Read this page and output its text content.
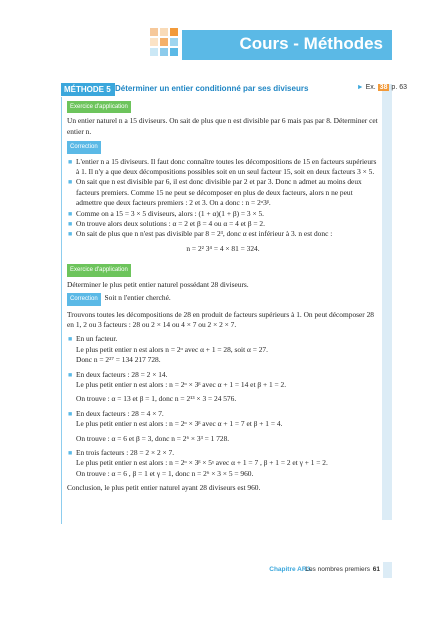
Cours - Méthodes
MÉTHODE 5 Déterminer un entier conditionné par ses diviseurs	► Ex. 38 p. 63
Exercice d'application

Un entier naturel n a 15 diviseurs. On sait de plus que n est divisible par 6 mais pas par 8. Déterminer cet entier n.

Correction
■ L'entier n a 15 diviseurs. Il faut donc connaître toutes les décompositions de 15 en facteurs supérieurs à 1. Il n'y a que deux décompositions possibles soit en un seul facteur 15, soit en deux facteurs 3 × 5.
■ On sait que n est divisible par 6, il est donc divisible par 2 et par 3. Donc n admet au moins deux facteurs premiers. Comme 15 ne peut se décomposer en plus de deux facteurs, alors n ne peut admettre que deux facteurs premiers : 2 et 3. On a donc : n = 2ᵅ3ᵝ.
■ Comme on a 15 = 3 × 5 diviseurs, alors : (1 + α)(1 + β) = 3 × 5.
■ On trouve alors deux solutions : α = 2 et β = 4 ou α = 4 et β = 2.
■ On sait de plus que n n'est pas divisible par 8 = 2³, donc α est inférieur à 3. n est donc :

n = 2² 3⁴ = 4 × 81 = 324.

Exercice d'application

Déterminer le plus petit entier naturel possédant 28 diviseurs.

Correction Soit n l'entier cherché.

Trouvons toutes les décompositions de 28 en produit de facteurs supérieurs à 1. On peut décomposer 28 en 1, 2 ou 3 facteurs : 28 ou 2 × 14 ou 4 × 7 ou 2 × 2 × 7.

■ En un facteur.

Le plus petit entier n est alors n = 2ᵅ avec α + 1 = 28, soit α = 27.

Donc n = 2²⁷ = 134 217 728.

■ En deux facteurs : 28 = 2 × 14.

Le plus petit entier n est alors : n = 2ᵅ × 3ᵝ avec α + 1 = 14 et β + 1 = 2.

On trouve : α = 13 et β = 1, donc n = 2¹³ × 3 = 24 576.

■ En deux facteurs : 28 = 4 × 7.

Le plus petit entier n est alors : n = 2ᵅ × 3ᵝ avec α + 1 = 7 et β + 1 = 4.

On trouve : α = 6 et β = 3, donc n = 2⁶ × 3³ = 1 728.

■ En trois facteurs : 28 = 2 × 2 × 7.

Le plus petit entier n est alors : n = 2ᵅ × 3ᵝ × 5ᵞ avec α + 1 = 7 , β + 1 = 2 et γ + 1 = 2.

On trouve : α = 6 , β = 1 et γ = 1, donc n = 2⁶ × 3 × 5 = 960.

Conclusion, le plus petit entier naturel ayant 28 diviseurs est 960.

Chapitre AR3.
Les nombres premiers 61
